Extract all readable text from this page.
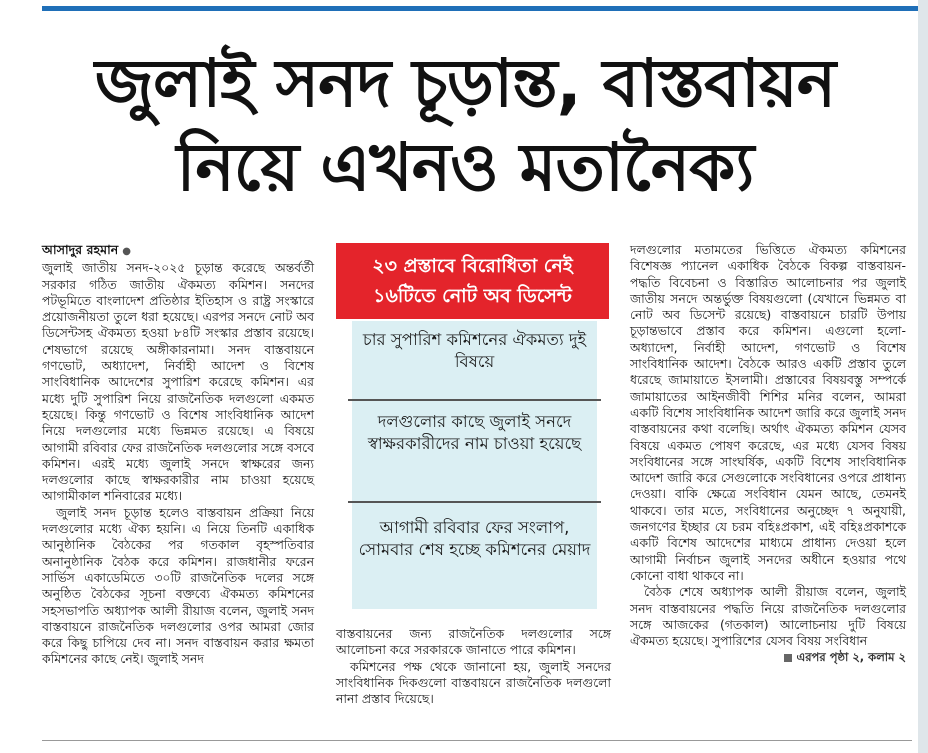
জুলাই সনদ চূড়ান্ত, বাস্তবায়ন
নিয়ে এখনও মতানৈক্য
আসাদুর রহমান ●

জুলাই জাতীয় সনদ-২০২৫ চূড়ান্ত করেছে অন্তর্বর্তী সরকার গঠিত জাতীয় ঐকমত্য কমিশন। সনদের পটভূমিতে বাংলাদেশ প্রতিষ্ঠার ইতিহাস ও রাষ্ট্র সংস্কারে প্রয়োজনীয়তা তুলে ধরা হয়েছে। এরপর সনদে নোট অব ডিসেন্টসহ ঐকমত্য হওয়া ৮৪টি সংস্কার প্রস্তাব রয়েছে। শেষভাগে রয়েছে অঙ্গীকারনামা। সনদ বাস্তবায়নে গণভোট, অধ্যাদেশ, নির্বাহী আদেশ ও বিশেষ সাংবিধানিক আদেশের সুপারিশ করেছে কমিশন। এর মধ্যে দুটি সুপারিশ নিয়ে রাজনৈতিক দলগুলো একমত হয়েছে। কিন্তু গণভোট ও বিশেষ সাংবিধানিক আদেশ নিয়ে দলগুলোর মধ্যে ভিন্নমত রয়েছে। এ বিষয়ে আগামী রবিবার ফের রাজনৈতিক দলগুলোর সঙ্গে বসবে কমিশন। এরই মধ্যে জুলাই সনদে স্বাক্ষরের জন্য দলগুলোর কাছে স্বাক্ষরকারীর নাম চাওয়া হয়েছে আগামীকাল শনিবারের মধ্যে।

জুলাই সনদ চূড়ান্ত হলেও বাস্তবায়ন প্রক্রিয়া নিয়ে দলগুলোর মধ্যে ঐক্য হয়নি। এ নিয়ে তিনটি একাধিক আনুষ্ঠানিক বৈঠকের পর গতকাল বৃহস্পতিবার অনানুষ্ঠানিক বৈঠক করে কমিশন। রাজধানীর ফরেন সার্ভিস একাডেমিতে ৩০টি রাজনৈতিক দলের সঙ্গে অনুষ্ঠিত বৈঠকের সূচনা বক্তব্যে ঐকমত্য কমিশনের সহসভাপতি অধ্যাপক আলী রীয়াজ বলেন, জুলাই সনদ বাস্তবায়নে রাজনৈতিক দলগুলোর ওপর আমরা জোর করে কিছু চাপিয়ে দেব না। সনদ বাস্তবায়ন করার ক্ষমতা কমিশনের কাছে নেই। জুলাই সনদ

২৩ প্রস্তাবে বিরোধিতা নেই
১৬টিতে নোট অব ডিসেন্ট
চার সুপারিশ কমিশনের ঐকমত্য দুই বিষয়ে
দলগুলোর কাছে জুলাই সনদে স্বাক্ষরকারীদের নাম চাওয়া হয়েছে
আগামী রবিবার ফের সংলাপ, সোমবার শেষ হচ্ছে কমিশনের মেয়াদ

বাস্তবায়নের জন্য রাজনৈতিক দলগুলোর সঙ্গে আলোচনা করে সরকারকে জানাতে পারে কমিশন।

কমিশনের পক্ষ থেকে জানানো হয়, জুলাই সনদের সাংবিধানিক দিকগুলো বাস্তবায়নে রাজনৈতিক দলগুলো নানা প্রস্তাব দিয়েছে।

দলগুলোর মতামতের ভিত্তিতে ঐকমত্য কমিশনের বিশেষজ্ঞ প্যানেল একাধিক বৈঠকে বিকল্প বাস্তবায়ন-পদ্ধতি বিবেচনা ও বিস্তারিত আলোচনার পর জুলাই জাতীয় সনদে অন্তর্ভুক্ত বিষয়গুলো (যেখানে ভিন্নমত বা নোট অব ডিসেন্ট রয়েছে) বাস্তবায়নে চারটি উপায় চূড়ান্তভাবে প্রস্তাব করে কমিশন। এগুলো হলো- অধ্যাদেশ, নির্বাহী আদেশ, গণভোট ও বিশেষ সাংবিধানিক আদেশ। বৈঠকে আরও একটি প্রস্তাব তুলে ধরেছে জামায়াতে ইসলামী। প্রস্তাবের বিষয়বস্তু সম্পর্কে জামায়াতের আইনজীবী শিশির মনির বলেন, আমরা একটি বিশেষ সাংবিধানিক আদেশ জারি করে জুলাই সনদ বাস্তবায়নের কথা বলেছি। অর্থাৎ ঐকমত্য কমিশন যেসব বিষয়ে একমত পোষণ করেছে, এর মধ্যে যেসব বিষয় সংবিধানের সঙ্গে সাংঘর্ষিক, একটি বিশেষ সাংবিধানিক আদেশ জারি করে সেগুলোকে সংবিধানের ওপরে প্রাধান্য দেওয়া। বাকি ক্ষেত্রে সংবিধান যেমন আছে, তেমনই থাকবে। তার মতে, সংবিধানের অনুচ্ছেদ ৭ অনুযায়ী, জনগণের ইচ্ছার যে চরম বহিঃপ্রকাশ, এই বহিঃপ্রকাশকে একটি বিশেষ আদেশের মাধ্যমে প্রাধান্য দেওয়া হলে আগামী নির্বাচন জুলাই সনদের অধীনে হওয়ার পথে কোনো বাধা থাকবে না।

বৈঠক শেষে অধ্যাপক আলী রীয়াজ বলেন, জুলাই সনদ বাস্তবায়নের পদ্ধতি নিয়ে রাজনৈতিক দলগুলোর সঙ্গে আজকের (গতকাল) আলোচনায় দুটি বিষয়ে ঐকমত্য হয়েছে। সুপারিশের যেসব বিষয় সংবিধান

এরপর পৃষ্ঠা ২, কলাম ২
